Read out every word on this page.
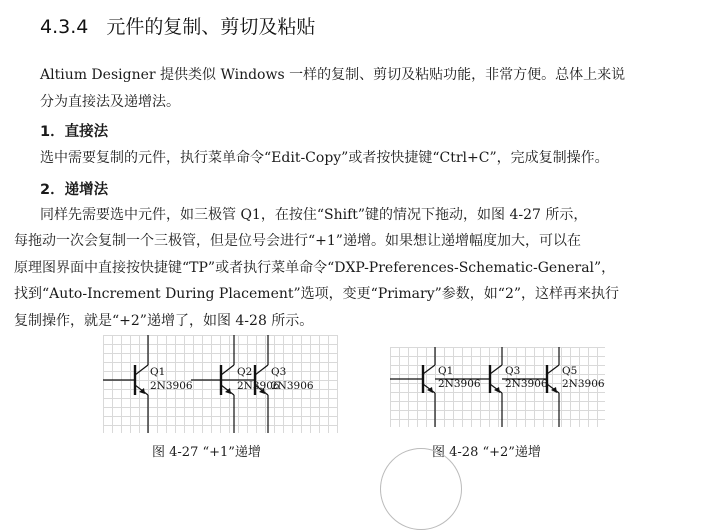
4.3.4 元件的复制、剪切及粘贴
Altium Designer 提供类似 Windows 一样的复制、剪切及粘贴功能，非常方便。总体上来说
分为直接法及递增法。
1．直接法
选中需要复制的元件，执行菜单命令“Edit-Copy”或者按快捷键“Ctrl+C”，完成复制操作。
2．递增法
同样先需要选中元件，如三极管 Q1，在按住“Shift”键的情况下拖动，如图 4-27 所示，
每拖动一次会复制一个三极管，但是位号会进行“+1”递增。如果想让递增幅度加大，可以在
原理图界面中直接按快捷键“TP”或者执行菜单命令“DXP-Preferences-Schematic-General”，
找到“Auto-Increment During Placement”选项，变更“Primary”参数，如“2”，这样再来执行
复制操作，就是“+2”递增了，如图 4-28 所示。
Q1
2N3906
Q2
2N3906
Q3
2N3906
图 4-27 “+1”递增
Q1
2N3906
Q3
2N3906
Q5
2N3906
图 4-28 “+2”递增
